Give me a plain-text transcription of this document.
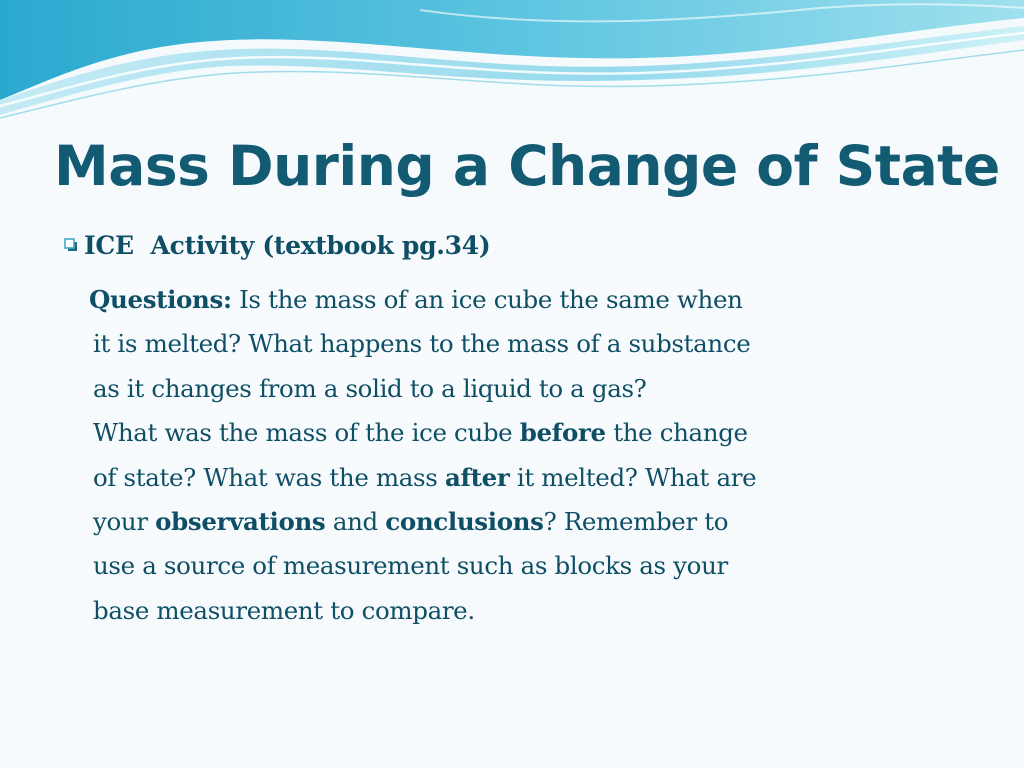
Mass During a Change of State
ICE  Activity (textbook pg.34)
Questions: Is the mass of an ice cube the same when
it is melted? What happens to the mass of a substance
as it changes from a solid to a liquid to a gas?
What was the mass of the ice cube before the change
of state? What was the mass after it melted? What are
your observations and conclusions? Remember to
use a source of measurement such as blocks as your
base measurement to compare.
